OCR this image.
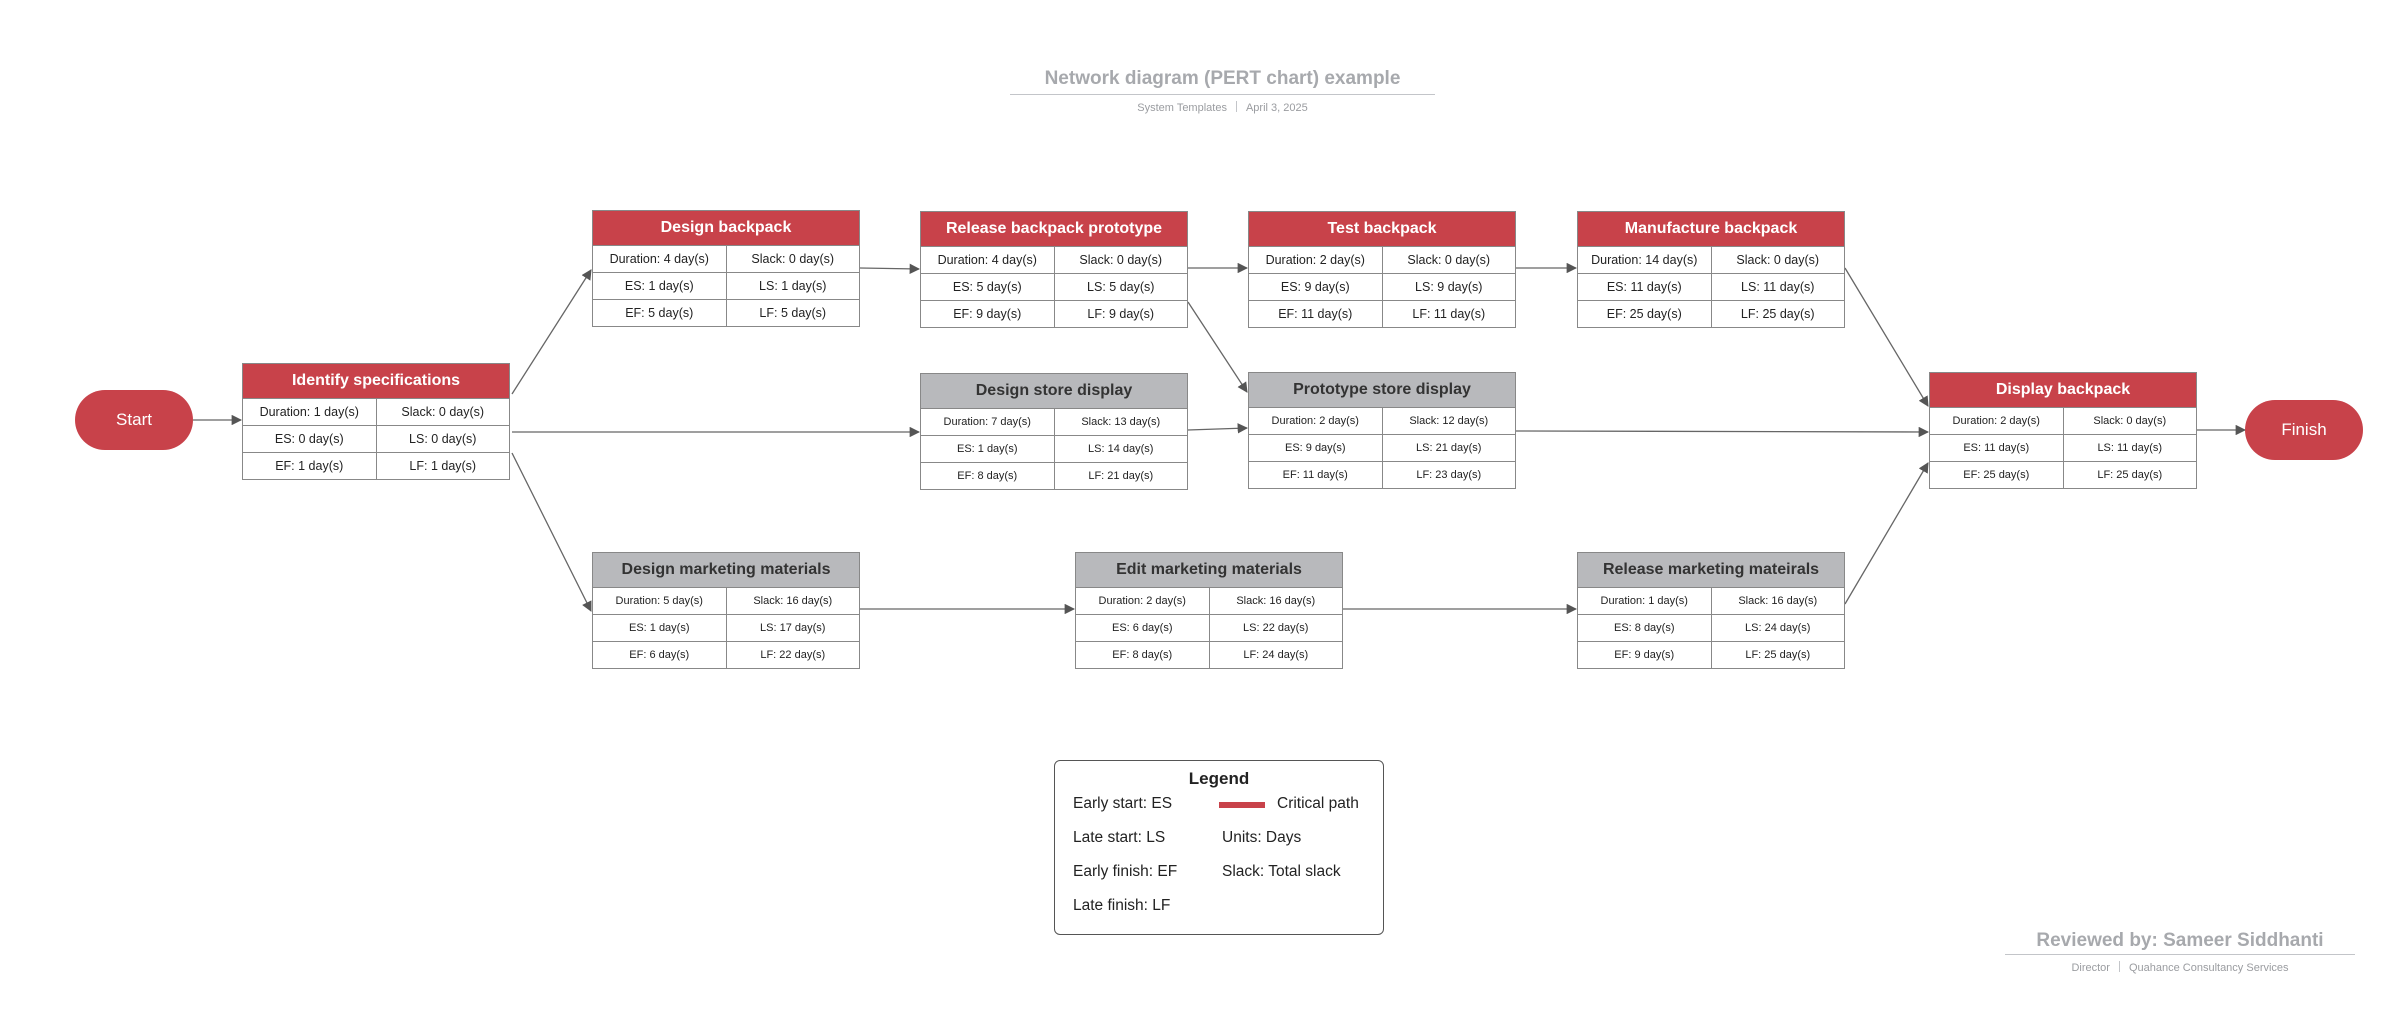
Network diagram (PERT chart) example
System Templates April 3, 2025
Start
Finish
Identify specifications
Duration: 1 day(s)	Slack: 0 day(s)
ES: 0 day(s)	LS: 0 day(s)
EF: 1 day(s)	LF: 1 day(s)
Design backpack
Duration: 4 day(s)	Slack: 0 day(s)
ES: 1 day(s)	LS: 1 day(s)
EF: 5 day(s)	LF: 5 day(s)
Release backpack prototype
Duration: 4 day(s)	Slack: 0 day(s)
ES: 5 day(s)	LS: 5 day(s)
EF: 9 day(s)	LF: 9 day(s)
Test backpack
Duration: 2 day(s)	Slack: 0 day(s)
ES: 9 day(s)	LS: 9 day(s)
EF: 11 day(s)	LF: 11 day(s)
Manufacture backpack
Duration: 14 day(s)	Slack: 0 day(s)
ES: 11 day(s)	LS: 11 day(s)
EF: 25 day(s)	LF: 25 day(s)
Display backpack
Duration: 2 day(s)	Slack: 0 day(s)
ES: 11 day(s)	LS: 11 day(s)
EF: 25 day(s)	LF: 25 day(s)
Design store display
Duration: 7 day(s)	Slack: 13 day(s)
ES: 1 day(s)	LS: 14 day(s)
EF: 8 day(s)	LF: 21 day(s)
Prototype store display
Duration: 2 day(s)	Slack: 12 day(s)
ES: 9 day(s)	LS: 21 day(s)
EF: 11 day(s)	LF: 23 day(s)
Design marketing materials
Duration: 5 day(s)	Slack: 16 day(s)
ES: 1 day(s)	LS: 17 day(s)
EF: 6 day(s)	LF: 22 day(s)
Edit marketing materials
Duration: 2 day(s)	Slack: 16 day(s)
ES: 6 day(s)	LS: 22 day(s)
EF: 8 day(s)	LF: 24 day(s)
Release marketing mateirals
Duration: 1 day(s)	Slack: 16 day(s)
ES: 8 day(s)	LS: 24 day(s)
EF: 9 day(s)	LF: 25 day(s)
Legend
Early start: ES	Critical path
Late start: LS	Units: Days
Early finish: EF	Slack: Total slack
Late finish: LF
Reviewed by: Sameer Siddhanti
Director Quahance Consultancy Services
